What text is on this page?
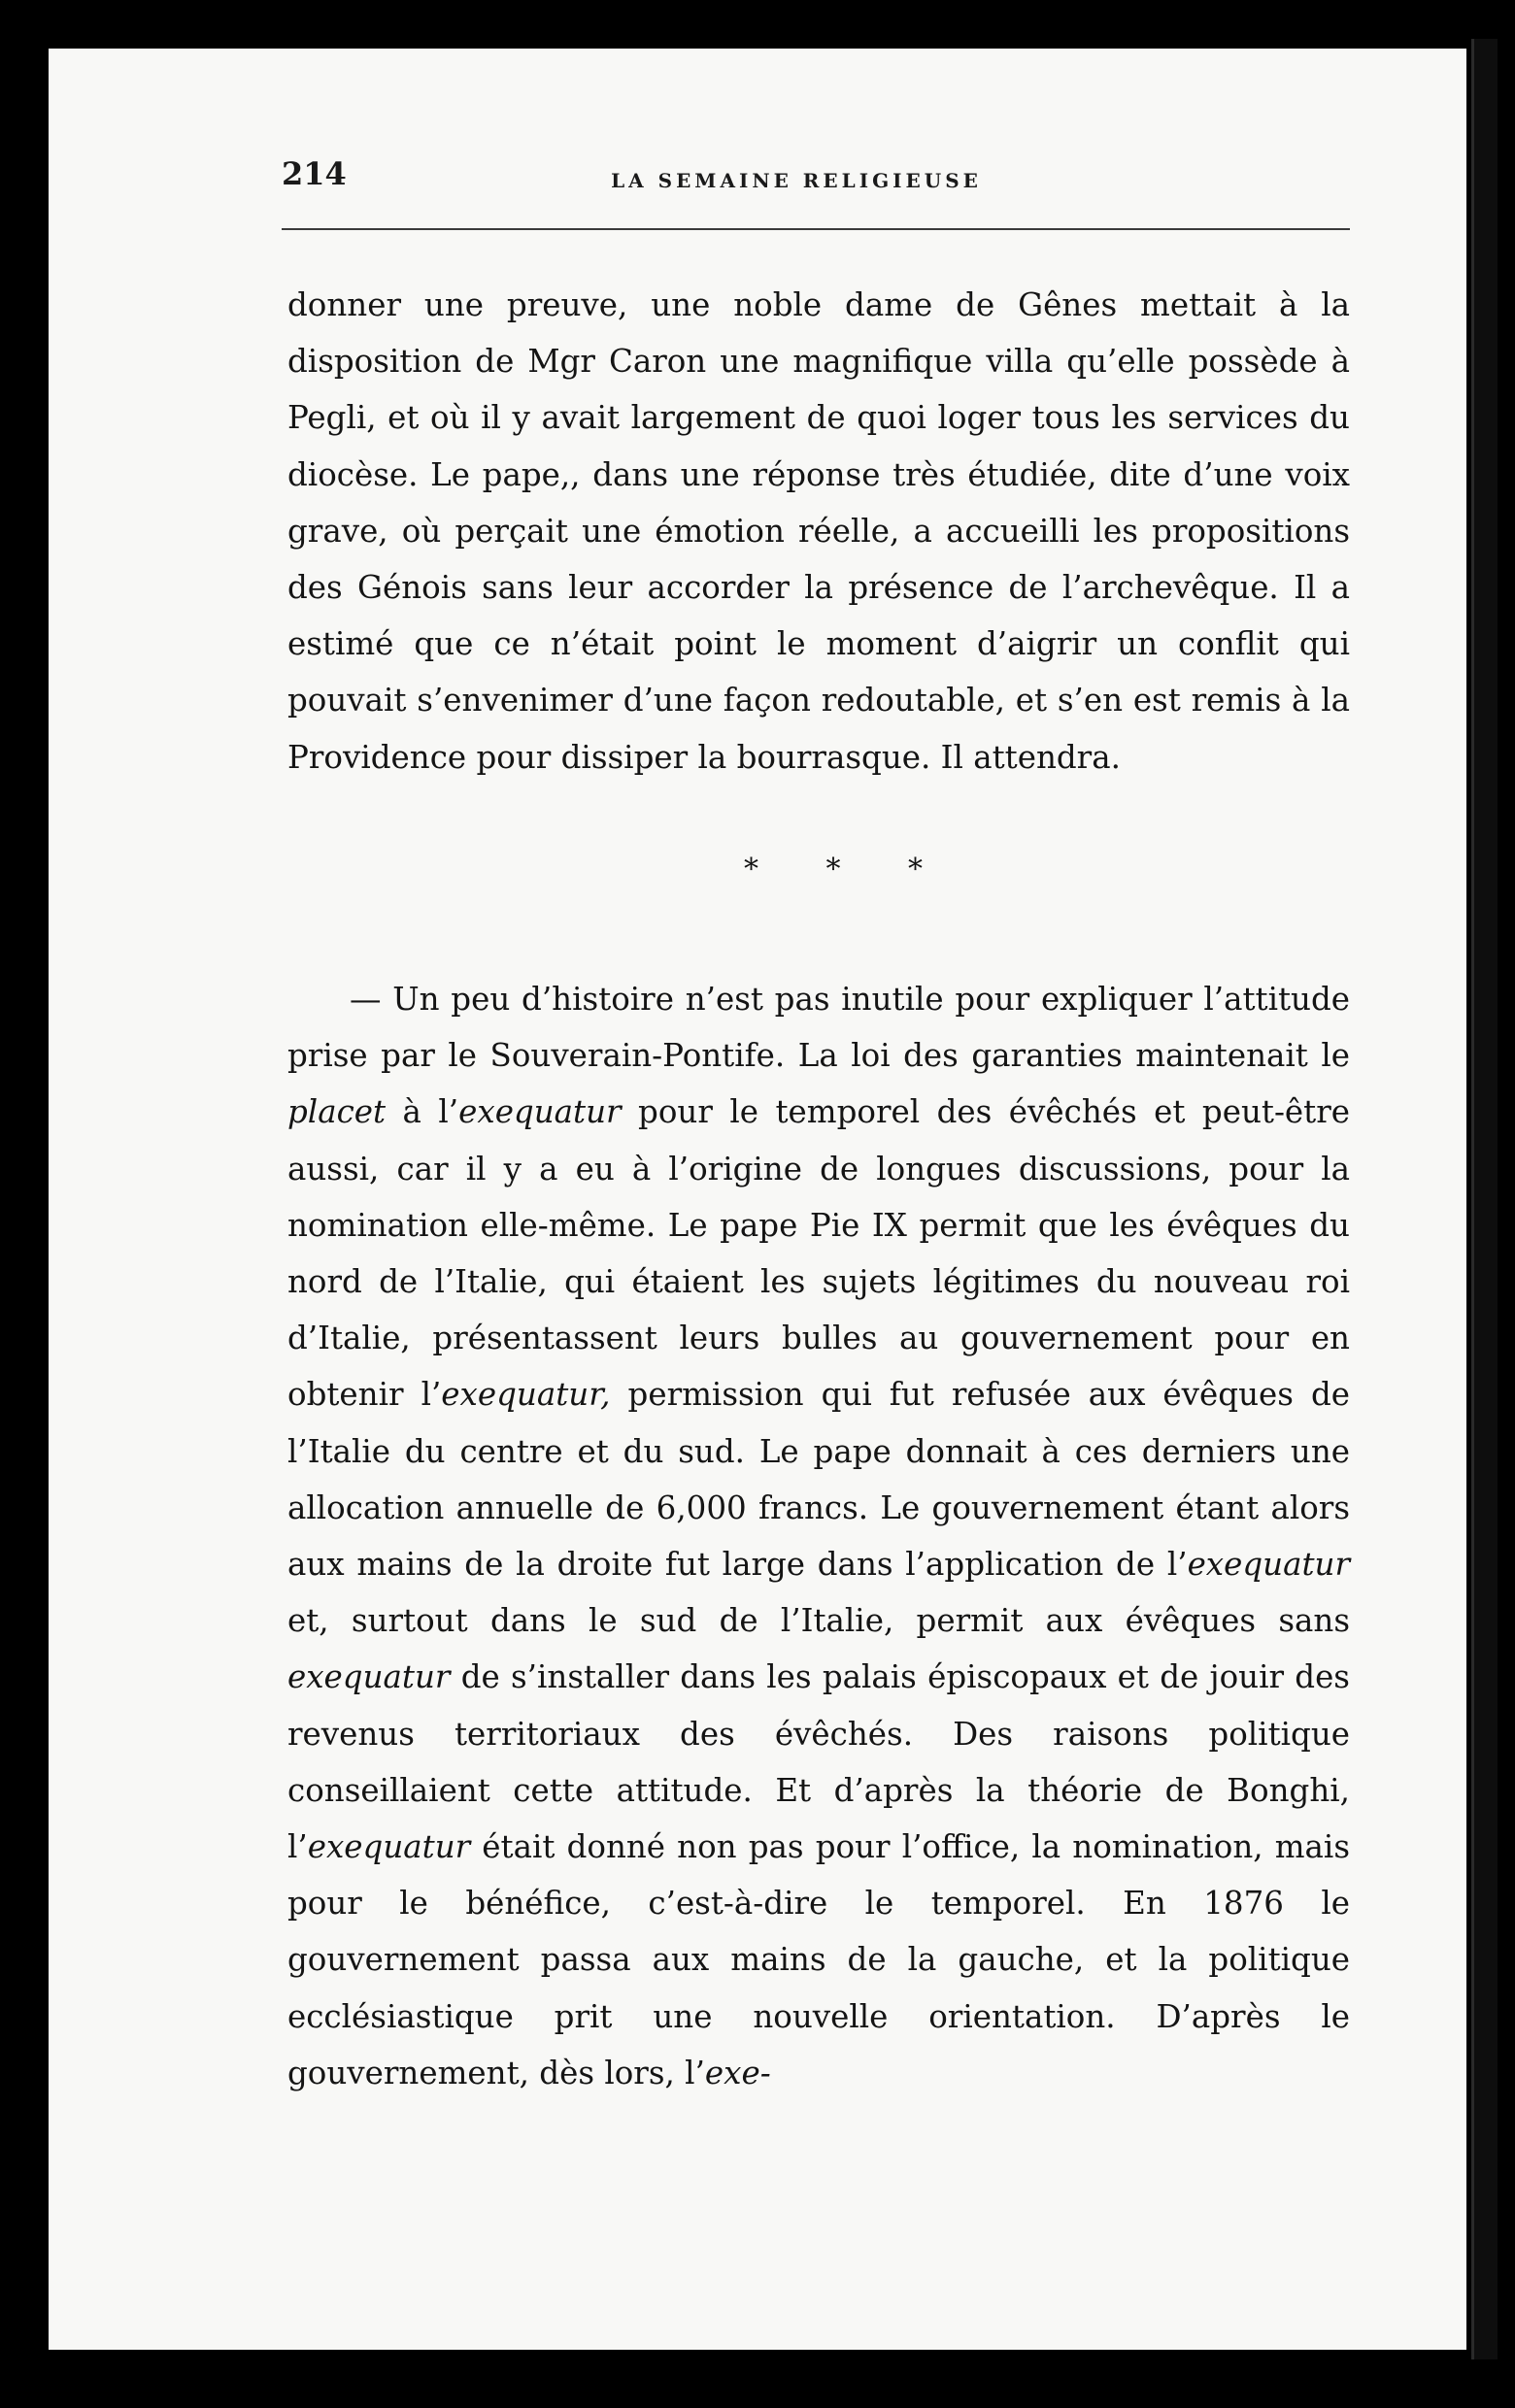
214	LA SEMAINE RELIGIEUSE

donner une preuve, une noble dame de Gênes mettait à la disposition de Mgr Caron une magnifique villa qu’elle possède à Pegli, et où il y avait largement de quoi loger tous les services du diocèse. Le pape,, dans une réponse très étudiée, dite d’une voix grave, où perçait une émotion réelle, a accueilli les propositions des Génois sans leur accorder la présence de l’archevêque. Il a estimé que ce n’était point le moment d’aigrir un conflit qui pouvait s’envenimer d’une façon redoutable, et s’en est remis à la Providence pour dissiper la bourrasque. Il attendra.

* * *

— Un peu d’histoire n’est pas inutile pour expliquer l’attitude prise par le Souverain-Pontife. La loi des garanties maintenait le placet à l’exequatur pour le temporel des évêchés et peut-être aussi, car il y a eu à l’origine de longues discussions, pour la nomination elle-même. Le pape Pie IX permit que les évêques du nord de l’Italie, qui étaient les sujets légitimes du nouveau roi d’Italie, présentassent leurs bulles au gouvernement pour en obtenir l’exequatur, permission qui fut refusée aux évêques de l’Italie du centre et du sud. Le pape donnait à ces derniers une allocation annuelle de 6,000 francs. Le gouvernement étant alors aux mains de la droite fut large dans l’application de l’exequatur et, surtout dans le sud de l’Italie, permit aux évêques sans exequatur de s’installer dans les palais épiscopaux et de jouir des revenus territoriaux des évêchés. Des raisons politique conseillaient cette attitude. Et d’après la théorie de Bonghi, l’exequatur était donné non pas pour l’office, la nomination, mais pour le bénéfice, c’est-à-dire le temporel. En 1876 le gouvernement passa aux mains de la gauche, et la politique ecclésiastique prit une nouvelle orientation. D’après le gouvernement, dès lors, l’exe-
